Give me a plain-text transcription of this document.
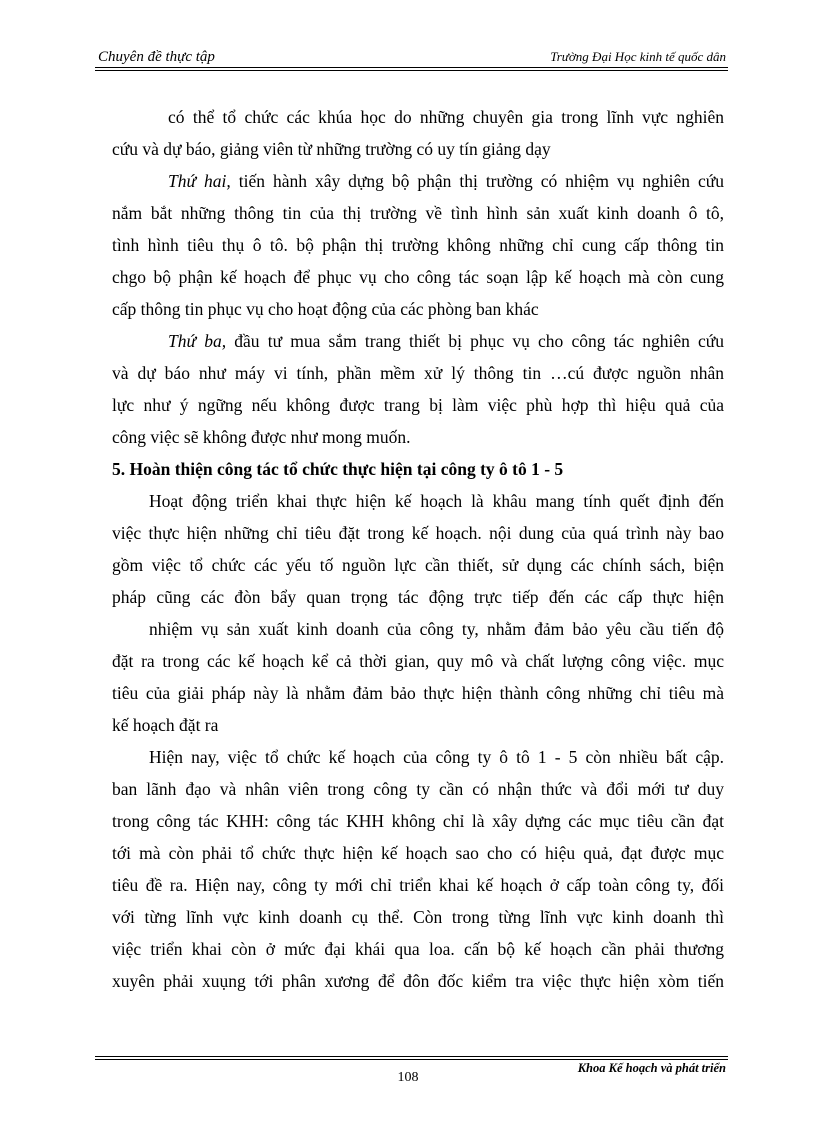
Chuyên đề thực tập	Trường Đại Học kinh tế quốc dân
có thể tổ chức các khúa học do những chuyên gia trong lĩnh vực nghiên
cứu và dự báo, giảng viên từ những trường có uy tín giảng dạy
Thứ hai, tiến hành xây dựng bộ phận thị trường có nhiệm vụ nghiên cứu
nắm bắt những thông tin của thị trường về tình hình sản xuất kinh doanh ô tô,
tình hình tiêu thụ ô tô. bộ phận thị trường không những chỉ cung cấp thông tin
chgo bộ phận kế hoạch để phục vụ cho công tác soạn lập kế hoạch mà còn cung
cấp thông tin phục vụ cho hoạt động của các phòng ban khác
Thứ ba, đầu tư mua sắm trang thiết bị phục vụ cho công tác nghiên cứu
và dự báo như máy vi tính, phần mềm xử lý thông tin …cú được nguồn nhân
lực như ý ngững nếu không được trang bị làm việc phù hợp thì hiệu quả của
công việc sẽ không được như mong muốn.
5. Hoàn thiện công tác tổ chức thực hiện tại công ty ô tô 1 - 5
Hoạt động triển khai thực hiện kế hoạch là khâu mang tính quết định đến
việc thực hiện những chỉ tiêu đặt trong kế hoạch. nội dung của quá trình này bao
gồm việc tổ chức các yếu tố nguồn lực cần thiết, sử dụng các chính sách, biện
pháp cũng các đòn bẩy quan trọng tác động trực tiếp đến các cấp thực hiện
nhiệm vụ sản xuất kinh doanh của công ty, nhằm đảm bảo yêu cầu tiến độ
đặt ra trong các kế hoạch kể cả thời gian, quy mô và chất lượng công việc. mục
tiêu của giải pháp này là nhằm đảm bảo thực hiện thành công những chỉ tiêu mà
kế hoạch đặt ra
Hiện nay, việc tổ chức kế hoạch của công ty ô tô 1 - 5 còn nhiều bất cập.
ban lãnh đạo và nhân viên trong công ty cần có nhận thức và đổi mới tư duy
trong công tác KHH: công tác KHH không chỉ là xây dựng các mục tiêu cần đạt
tới mà còn phải tổ chức thực hiện kế hoạch sao cho có hiệu quả, đạt được mục
tiêu đề ra. Hiện nay, công ty mới chỉ triển khai kế hoạch ở cấp toàn công ty, đối
với từng lĩnh vực kinh doanh cụ thể. Còn trong từng lĩnh vực kinh doanh thì
việc triển khai còn ở mức đại khái qua loa. cấn bộ kế hoạch cần phải thương
xuyên phải xuụng tới phân xương để đôn đốc kiểm tra việc thực hiện xòm tiến
Khoa Kế hoạch và phát triển
108
